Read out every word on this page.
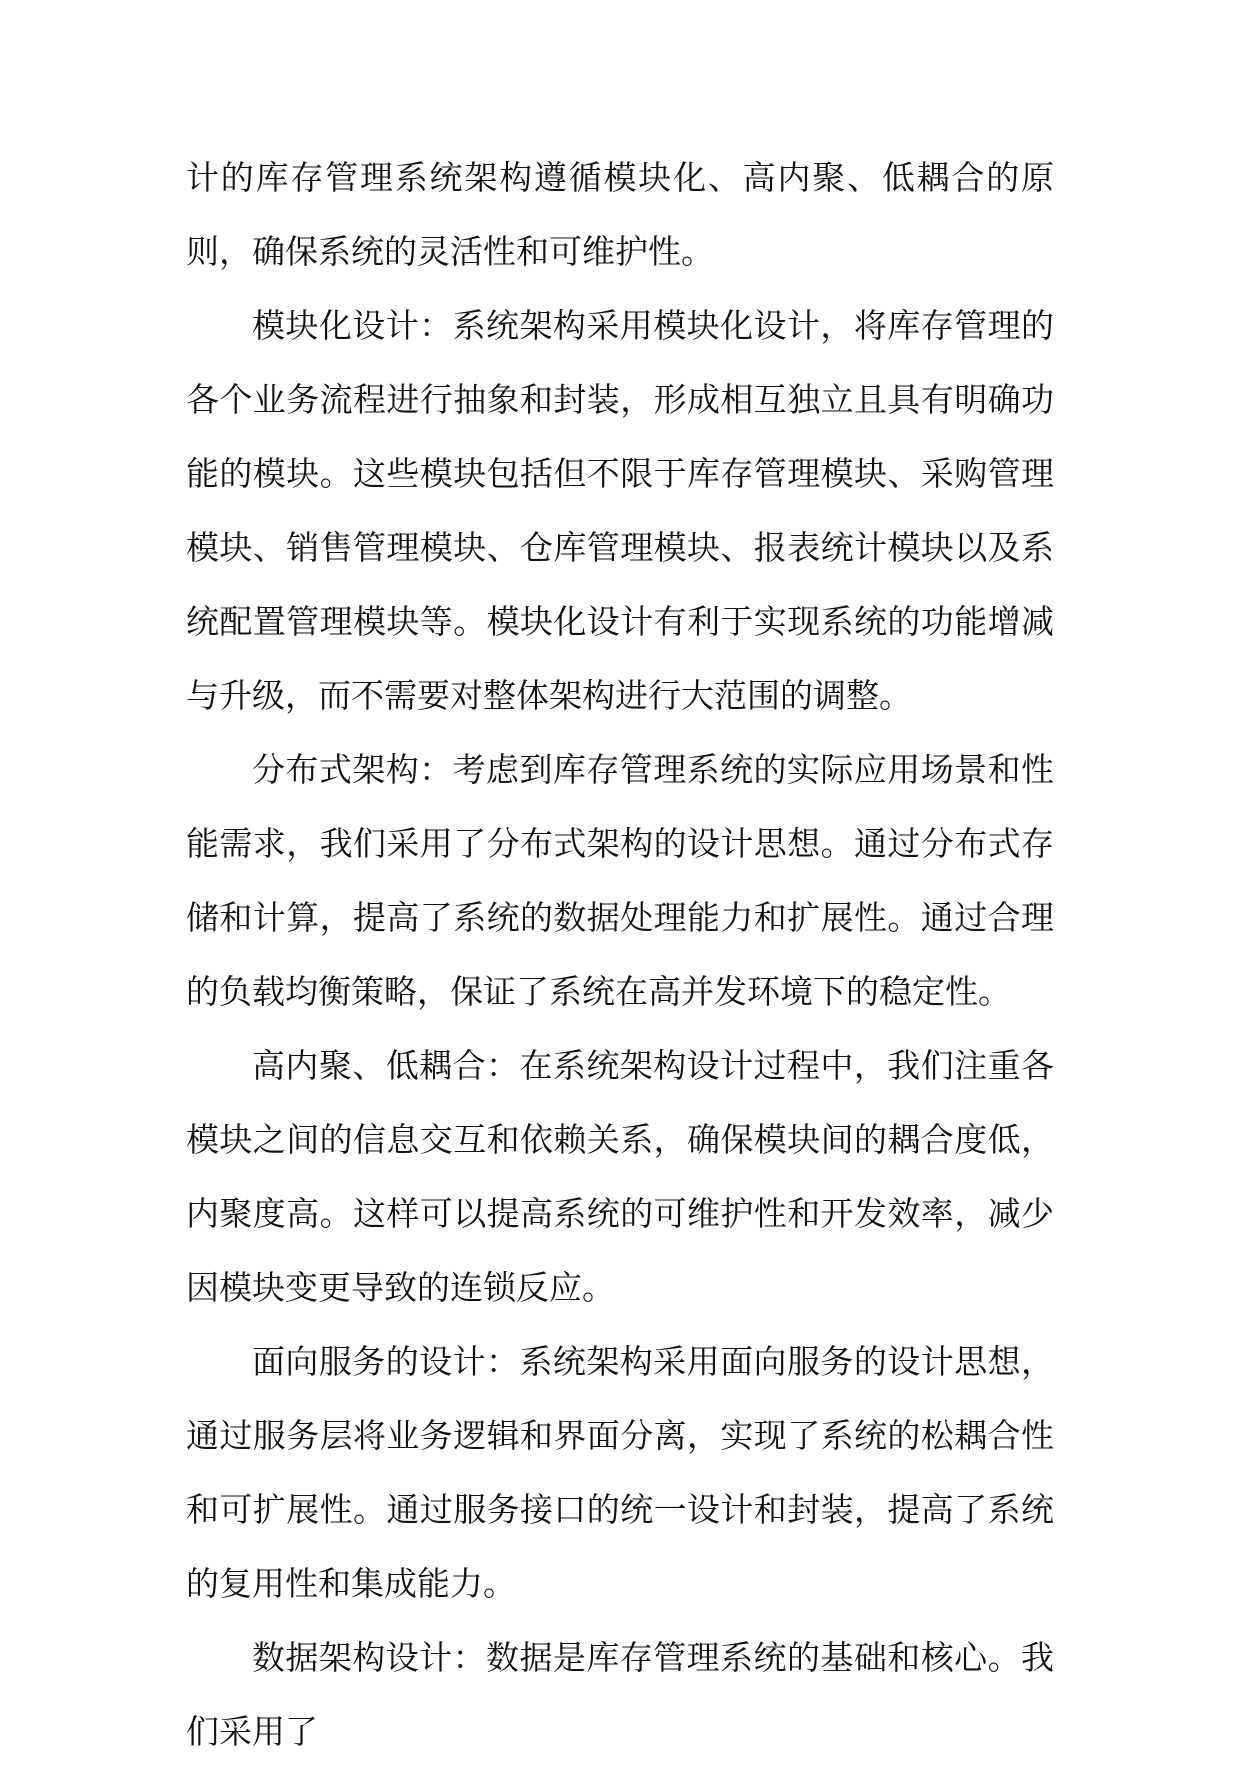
计的库存管理系统架构遵循模块化、高内聚、低耦合的原则，确保系统的灵活性和可维护性。

模块化设计：系统架构采用模块化设计，将库存管理的各个业务流程进行抽象和封装，形成相互独立且具有明确功能的模块。这些模块包括但不限于库存管理模块、采购管理模块、销售管理模块、仓库管理模块、报表统计模块以及系统配置管理模块等。模块化设计有利于实现系统的功能增减与升级，而不需要对整体架构进行大范围的调整。

分布式架构：考虑到库存管理系统的实际应用场景和性能需求，我们采用了分布式架构的设计思想。通过分布式存储和计算，提高了系统的数据处理能力和扩展性。通过合理的负载均衡策略，保证了系统在高并发环境下的稳定性。

高内聚、低耦合：在系统架构设计过程中，我们注重各模块之间的信息交互和依赖关系，确保模块间的耦合度低，内聚度高。这样可以提高系统的可维护性和开发效率，减少因模块变更导致的连锁反应。

面向服务的设计：系统架构采用面向服务的设计思想，通过服务层将业务逻辑和界面分离，实现了系统的松耦合性和可扩展性。通过服务接口的统一设计和封装，提高了系统的复用性和集成能力。

数据架构设计：数据是库存管理系统的基础和核心。我们采用了
